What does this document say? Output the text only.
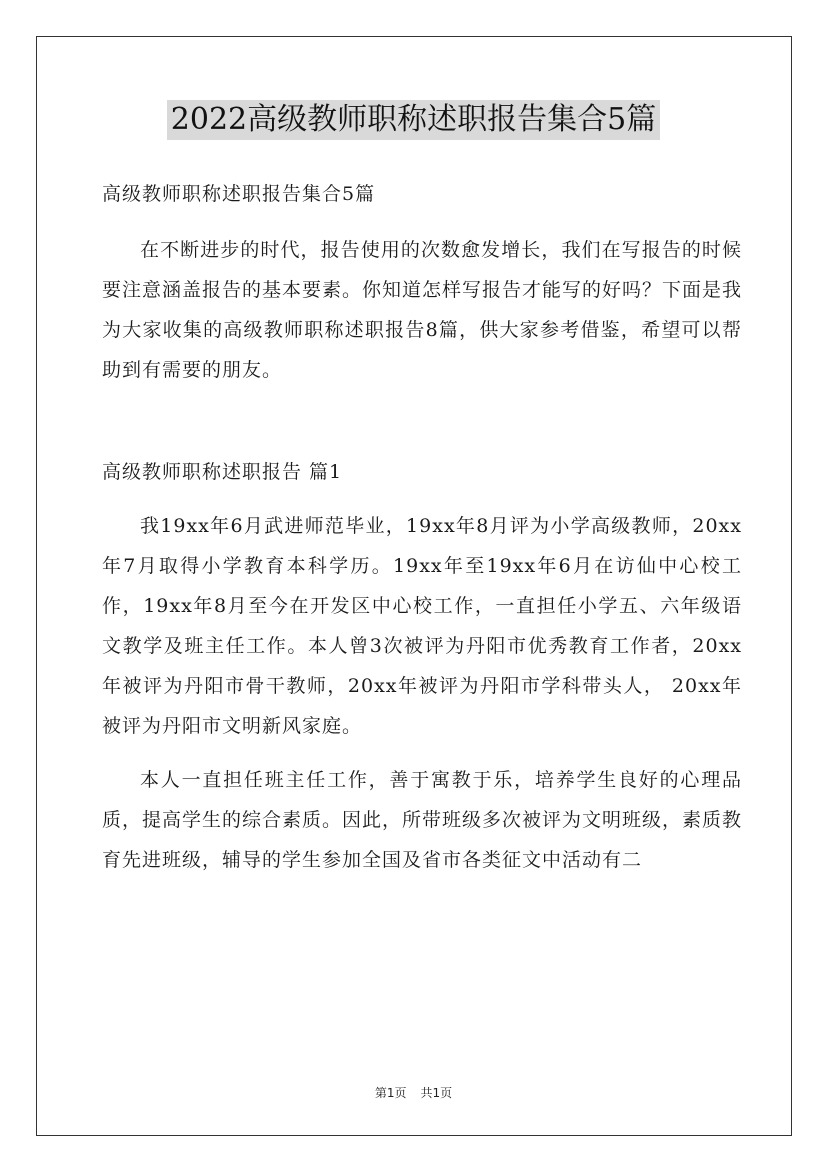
2022高级教师职称述职报告集合5篇

高级教师职称述职报告集合5篇

在不断进步的时代，报告使用的次数愈发增长，我们在写报告的时候要注意涵盖报告的基本要素。你知道怎样写报告才能写的好吗？下面是我为大家收集的高级教师职称述职报告8篇，供大家参考借鉴，希望可以帮助到有需要的朋友。

高级教师职称述职报告 篇1

我19xx年6月武进师范毕业，19xx年8月评为小学高级教师，20xx年7月取得小学教育本科学历。19xx年至19xx年6月在访仙中心校工作，19xx年8月至今在开发区中心校工作，一直担任小学五、六年级语文教学及班主任工作。本人曾3次被评为丹阳市优秀教育工作者，20xx年被评为丹阳市骨干教师，20xx年被评为丹阳市学科带头人， 20xx年被评为丹阳市文明新风家庭。

本人一直担任班主任工作，善于寓教于乐，培养学生良好的心理品质，提高学生的综合素质。因此，所带班级多次被评为文明班级，素质教育先进班级，辅导的学生参加全国及省市各类征文中活动有二

第1页 共1页
